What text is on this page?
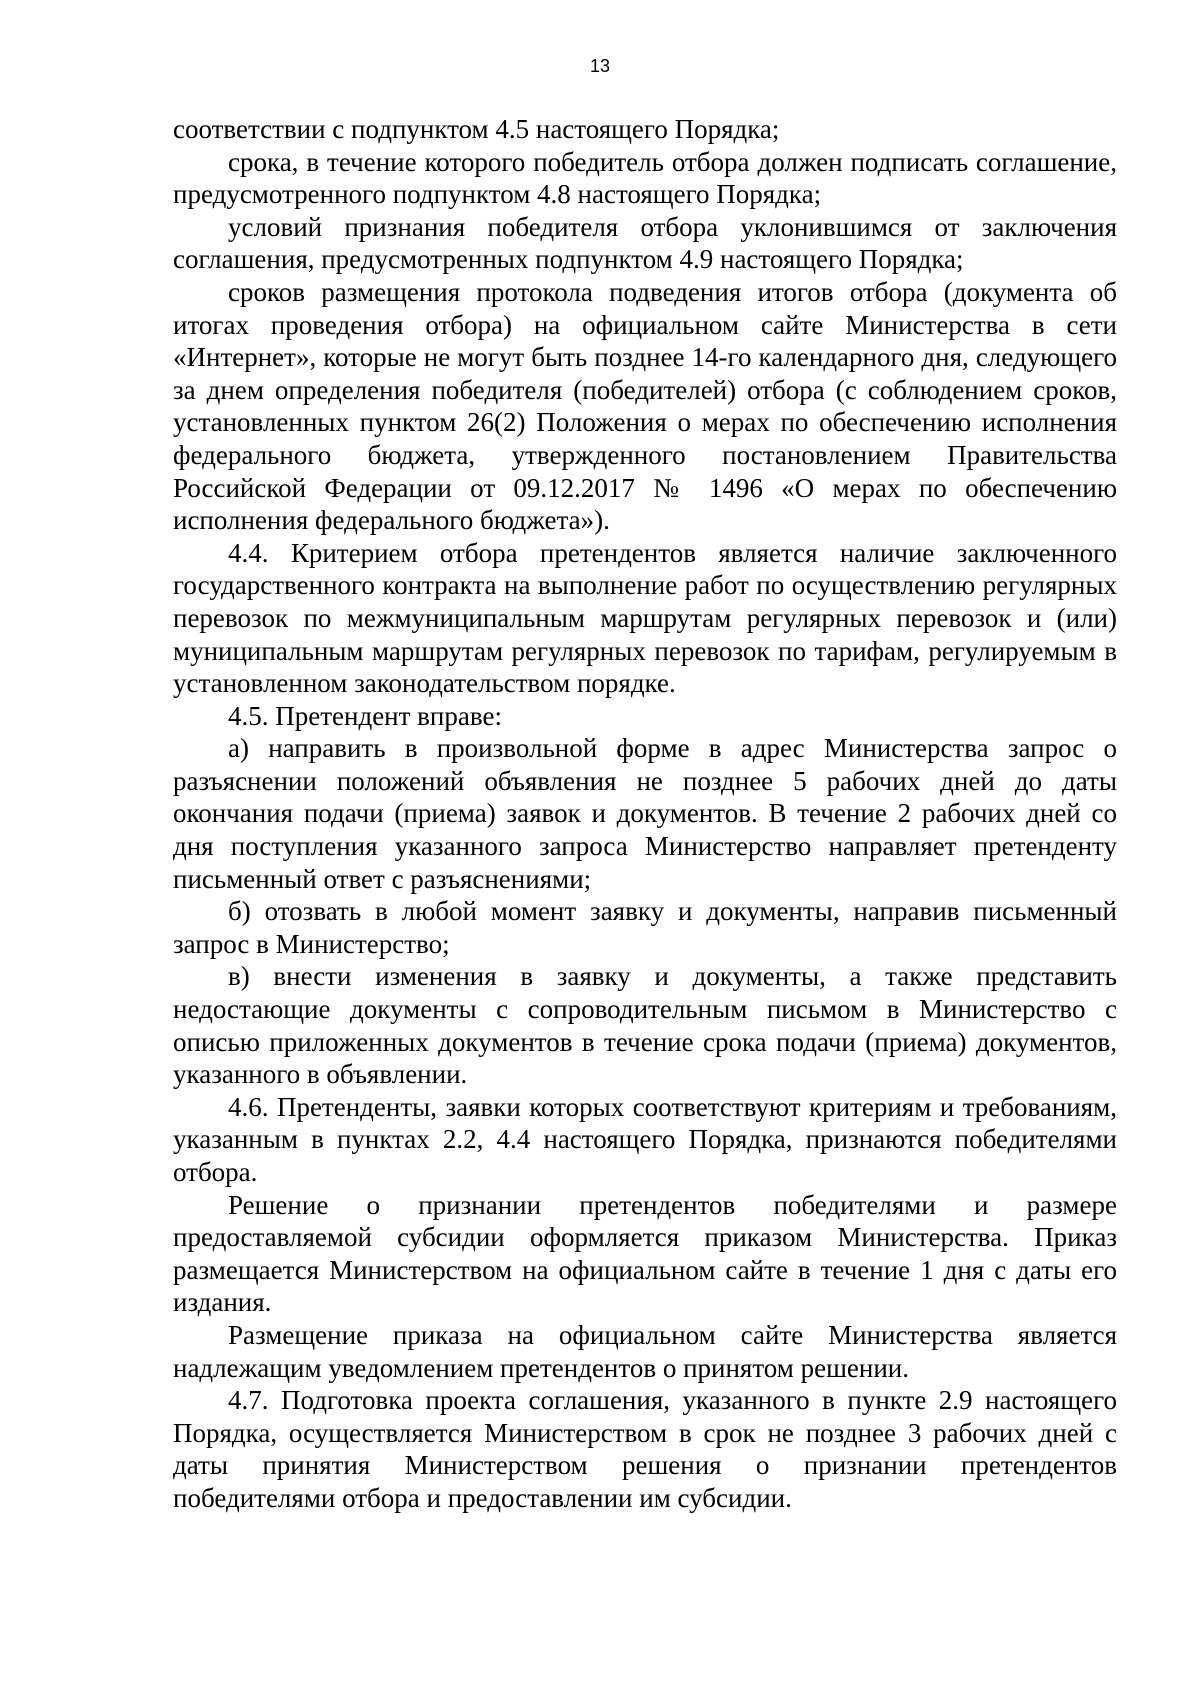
13

соответствии с подпунктом 4.5 настоящего Порядка;

срока, в течение которого победитель отбора должен подписать соглашение, предусмотренного подпунктом 4.8 настоящего Порядка;

условий признания победителя отбора уклонившимся от заключения соглашения, предусмотренных подпунктом 4.9 настоящего Порядка;

сроков размещения протокола подведения итогов отбора (документа об итогах проведения отбора) на официальном сайте Министерства в сети «Интернет», которые не могут быть позднее 14-го календарного дня, следующего за днем определения победителя (победителей) отбора (с соблюдением сроков, установленных пунктом 26(2) Положения о мерах по обеспечению исполнения федерального бюджета, утвержденного постановлением Правительства Российской Федерации от 09.12.2017 № 1496 «О мерах по обеспечению исполнения федерального бюджета»).

4.4. Критерием отбора претендентов является наличие заключенного государственного контракта на выполнение работ по осуществлению регулярных перевозок по межмуниципальным маршрутам регулярных перевозок и (или) муниципальным маршрутам регулярных перевозок по тарифам, регулируемым в установленном законодательством порядке.

4.5. Претендент вправе:

а) направить в произвольной форме в адрес Министерства запрос о разъяснении положений объявления не позднее 5 рабочих дней до даты окончания подачи (приема) заявок и документов. В течение 2 рабочих дней со дня поступления указанного запроса Министерство направляет претенденту письменный ответ с разъяснениями;

б) отозвать в любой момент заявку и документы, направив письменный запрос в Министерство;

в) внести изменения в заявку и документы, а также представить недостающие документы с сопроводительным письмом в Министерство с описью приложенных документов в течение срока подачи (приема) документов, указанного в объявлении.

4.6. Претенденты, заявки которых соответствуют критериям и требованиям, указанным в пунктах 2.2, 4.4 настоящего Порядка, признаются победителями отбора.

Решение о признании претендентов победителями и размере предоставляемой субсидии оформляется приказом Министерства. Приказ размещается Министерством на официальном сайте в течение 1 дня с даты его издания.

Размещение приказа на официальном сайте Министерства является надлежащим уведомлением претендентов о принятом решении.

4.7. Подготовка проекта соглашения, указанного в пункте 2.9 настоящего Порядка, осуществляется Министерством в срок не позднее 3 рабочих дней с даты принятия Министерством решения о признании претендентов победителями отбора и предоставлении им субсидии.
